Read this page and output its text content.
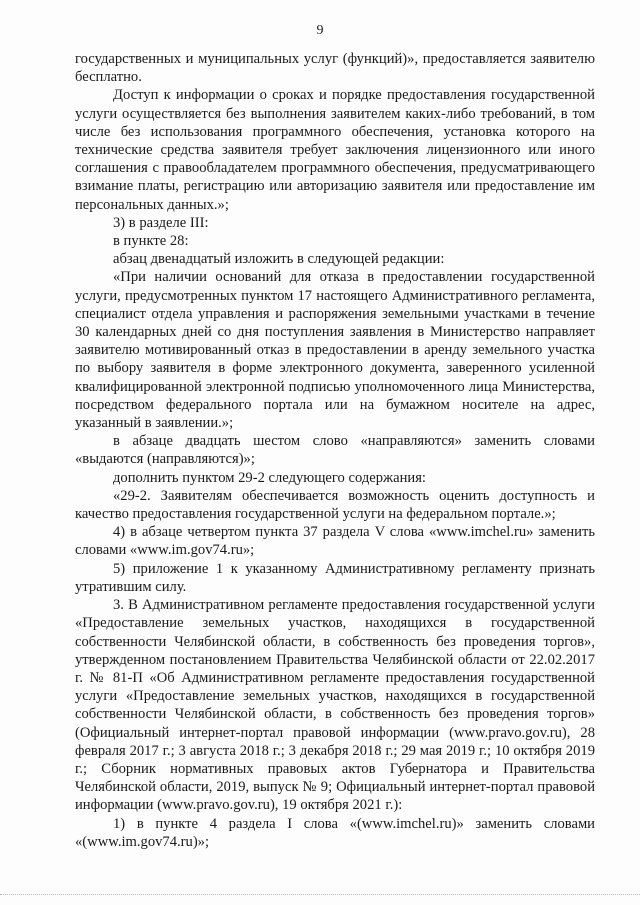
9

государственных и муниципальных услуг (функций)», предоставляется заявителю бесплатно.

Доступ к информации о сроках и порядке предоставления государственной услуги осуществляется без выполнения заявителем каких-либо требований, в том числе без использования программного обеспечения, установка которого на технические средства заявителя требует заключения лицензионного или иного соглашения с правообладателем программного обеспечения, предусматривающего взимание платы, регистрацию или авторизацию заявителя или предоставление им персональных данных.»;

3) в разделе III:

в пункте 28:

абзац двенадцатый изложить в следующей редакции:

«При наличии оснований для отказа в предоставлении государственной услуги, предусмотренных пунктом 17 настоящего Административного регламента, специалист отдела управления и распоряжения земельными участками в течение 30 календарных дней со дня поступления заявления в Министерство направляет заявителю мотивированный отказ в предоставлении в аренду земельного участка по выбору заявителя в форме электронного документа, заверенного усиленной квалифицированной электронной подписью уполномоченного лица Министерства, посредством федерального портала или на бумажном носителе на адрес, указанный в заявлении.»;

в абзаце двадцать шестом слово «направляются» заменить словами «выдаются (направляются)»;

дополнить пунктом 29-2 следующего содержания:

«29-2. Заявителям обеспечивается возможность оценить доступность и качество предоставления государственной услуги на федеральном портале.»;

4) в абзаце четвертом пункта 37 раздела V слова «www.imchel.ru» заменить словами «www.im.gov74.ru»;

5) приложение 1 к указанному Административному регламенту признать утратившим силу.

3. В Административном регламенте предоставления государственной услуги «Предоставление земельных участков, находящихся в государственной собственности Челябинской области, в собственность без проведения торгов», утвержденном постановлением Правительства Челябинской области от 22.02.2017 г. № 81-П «Об Административном регламенте предоставления государственной услуги «Предоставление земельных участков, находящихся в государственной собственности Челябинской области, в собственность без проведения торгов» (Официальный интернет-портал правовой информации (www.pravo.gov.ru), 28 февраля 2017 г.; 3 августа 2018 г.; 3 декабря 2018 г.; 29 мая 2019 г.; 10 октября 2019 г.; Сборник нормативных правовых актов Губернатора и Правительства Челябинской области, 2019, выпуск № 9; Официальный интернет-портал правовой информации (www.pravo.gov.ru), 19 октября 2021 г.):

1) в пункте 4 раздела I слова «(www.imchel.ru)» заменить словами «(www.im.gov74.ru)»;
